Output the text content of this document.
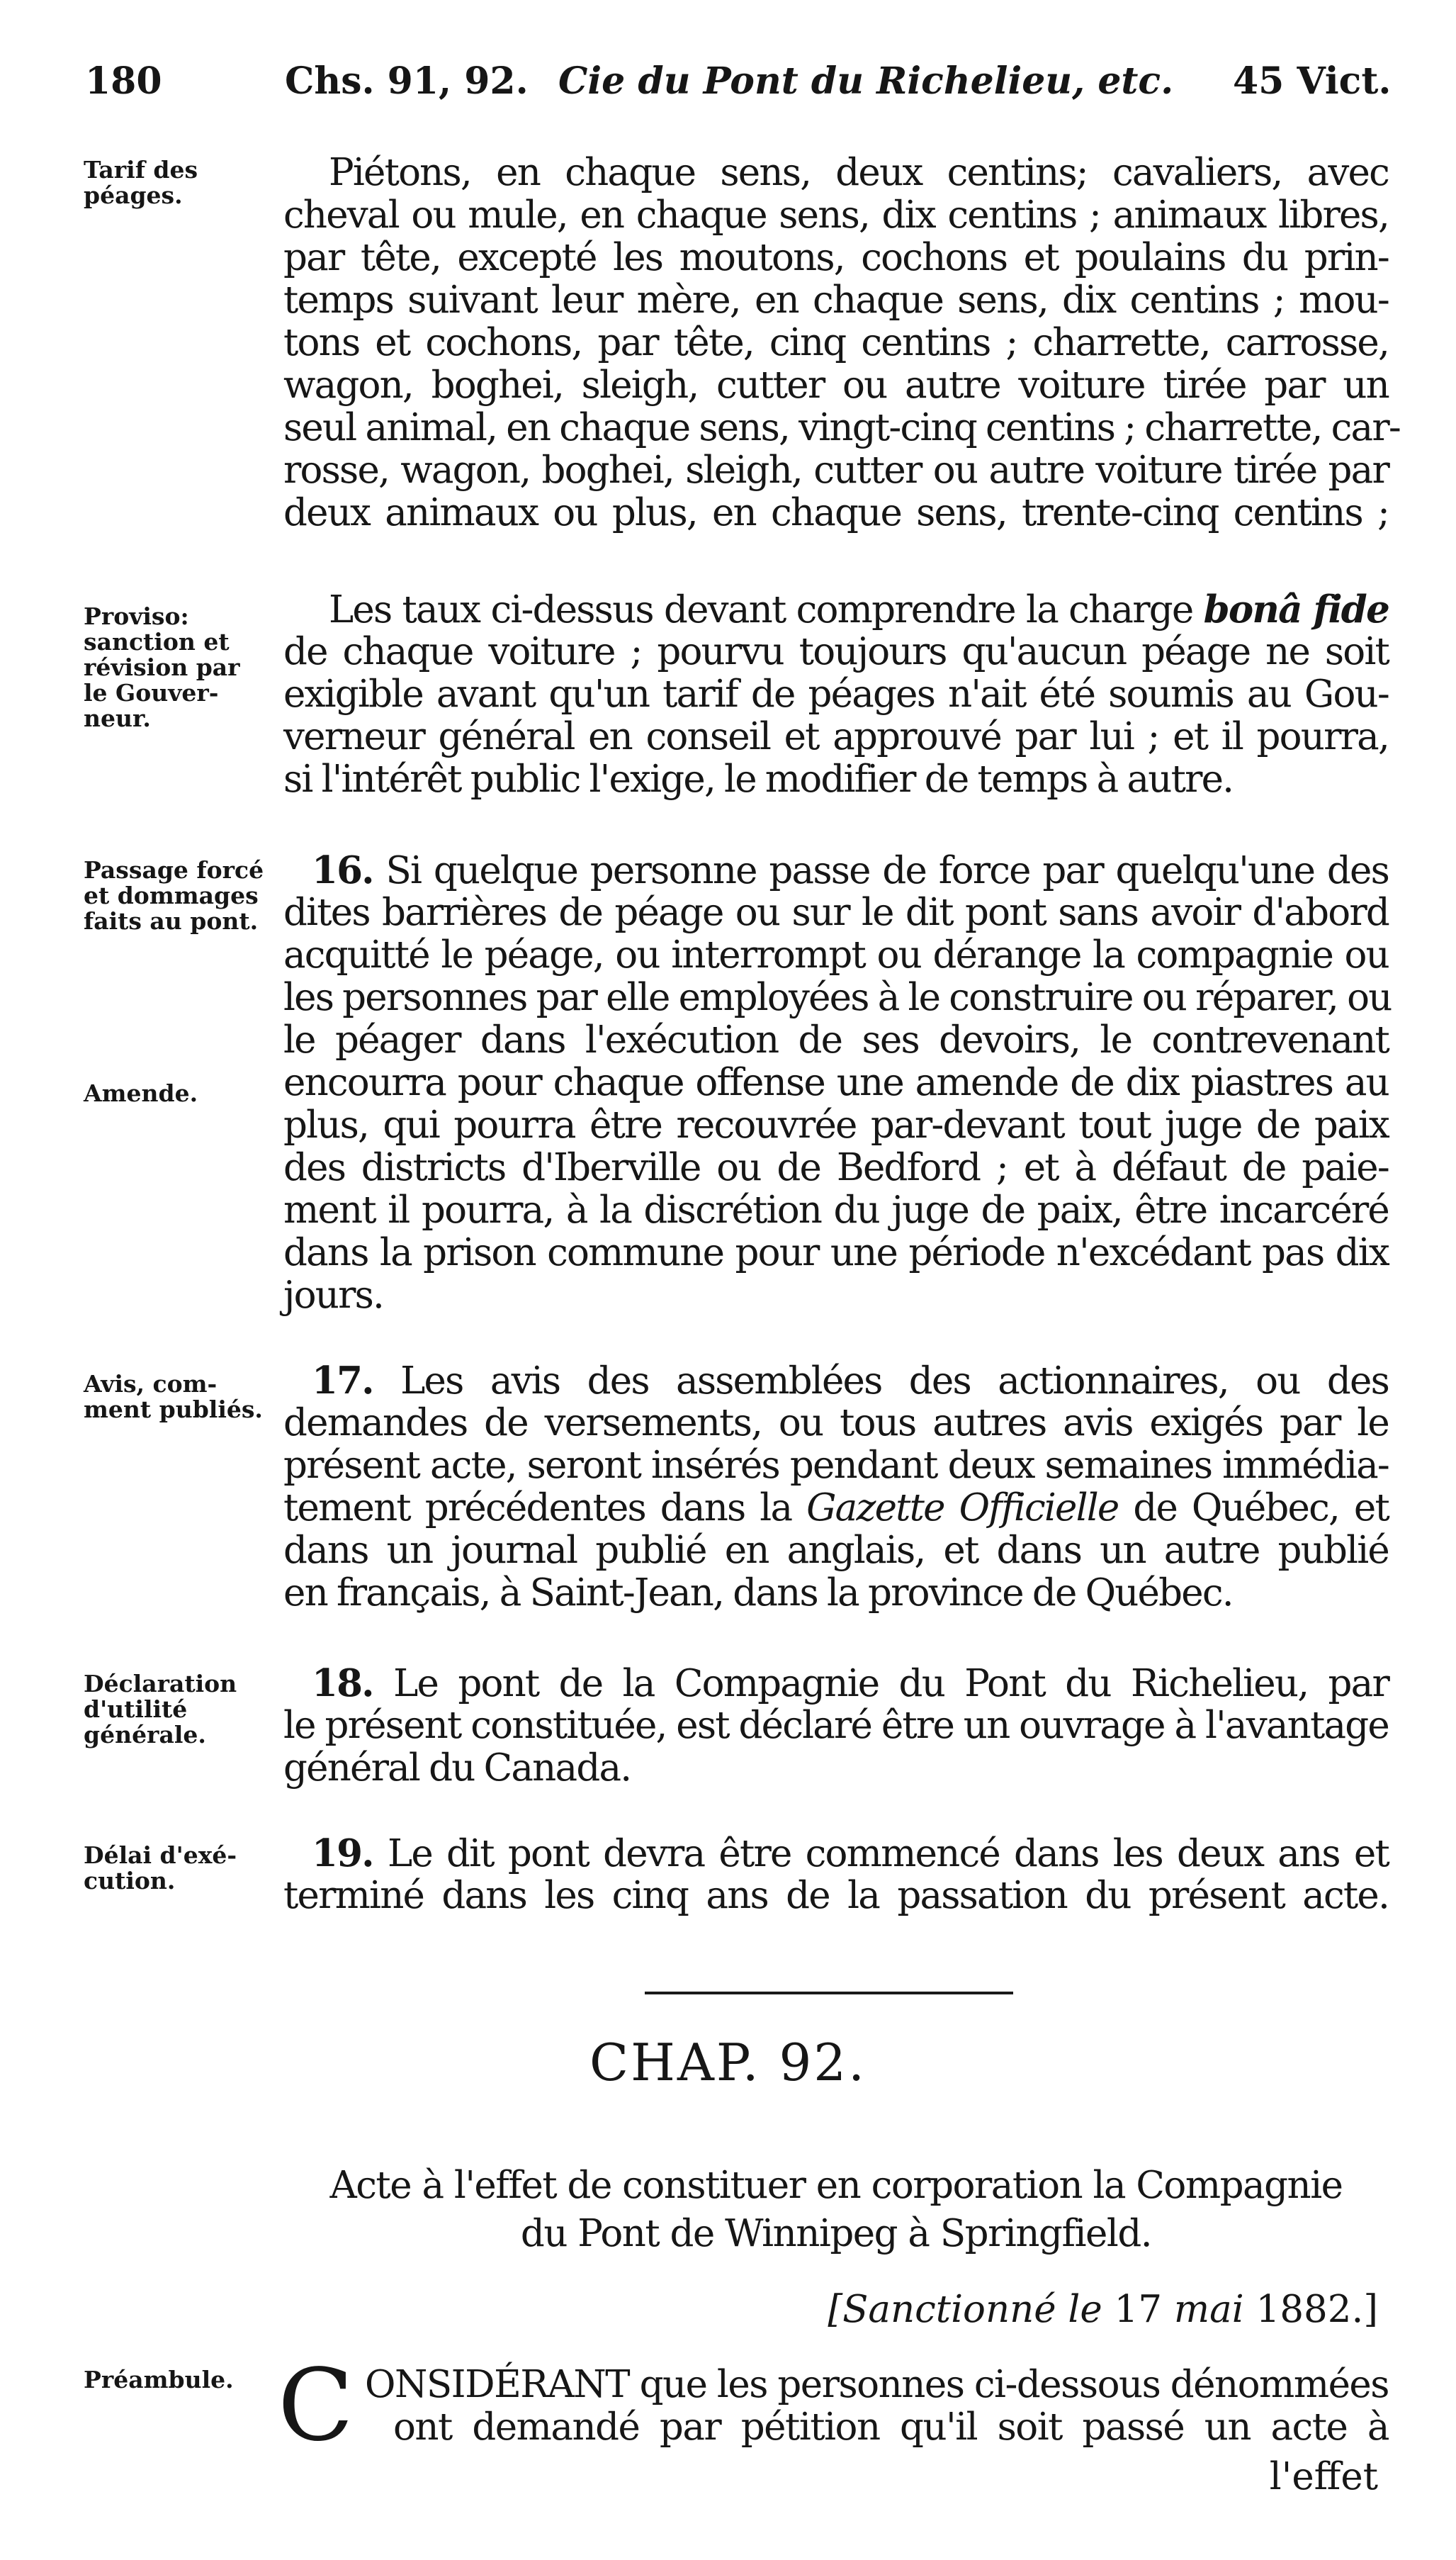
180	Chs. 91, 92. Cie du Pont du Richelieu, etc. 45 Vict.
Tarif des
péages.
Piétons, en chaque sens, deux centins; cavaliers, avec
cheval ou mule, en chaque sens, dix centins ; animaux libres,
par tête, excepté les moutons, cochons et poulains du prin-
temps suivant leur mère, en chaque sens, dix centins ; mou-
tons et cochons, par tête, cinq centins ; charrette, carrosse,
wagon, boghei, sleigh, cutter ou autre voiture tirée par un
seul animal, en chaque sens, vingt-cinq centins ; charrette, car-
rosse, wagon, boghei, sleigh, cutter ou autre voiture tirée par
deux animaux ou plus, en chaque sens, trente-cinq centins ;
Proviso:
sanction et
révision par
le Gouver-
neur.
Les taux ci-dessus devant comprendre la charge bonâ fide
de chaque voiture ; pourvu toujours qu'aucun péage ne soit
exigible avant qu'un tarif de péages n'ait été soumis au Gou-
verneur général en conseil et approuvé par lui ; et il pourra,
si l'intérêt public l'exige, le modifier de temps à autre.
Passage forcé
et dommages
faits au pont.
Amende.
16. Si quelque personne passe de force par quelqu'une des
dites barrières de péage ou sur le dit pont sans avoir d'abord
acquitté le péage, ou interrompt ou dérange la compagnie ou
les personnes par elle employées à le construire ou réparer, ou
le péager dans l'exécution de ses devoirs, le contrevenant
encourra pour chaque offense une amende de dix piastres au
plus, qui pourra être recouvrée par-devant tout juge de paix
des districts d'Iberville ou de Bedford ; et à défaut de paie-
ment il pourra, à la discrétion du juge de paix, être incarcéré
dans la prison commune pour une période n'excédant pas dix
jours.
Avis, com-
ment publiés.
17. Les avis des assemblées des actionnaires, ou des
demandes de versements, ou tous autres avis exigés par le
présent acte, seront insérés pendant deux semaines immédia-
tement précédentes dans la Gazette Officielle de Québec, et
dans un journal publié en anglais, et dans un autre publié
en français, à Saint-Jean, dans la province de Québec.
Déclaration
d'utilité
générale.
18. Le pont de la Compagnie du Pont du Richelieu, par
le présent constituée, est déclaré être un ouvrage à l'avantage
général du Canada.
Délai d'exé-
cution.
19. Le dit pont devra être commencé dans les deux ans et
terminé dans les cinq ans de la passation du présent acte.
CHAP. 92.
Acte à l'effet de constituer en corporation la Compagnie
du Pont de Winnipeg à Springfield.
[Sanctionné le 17 mai 1882.]
Préambule. C ONSIDÉRANT que les personnes ci-dessous dénommées
ont demandé par pétition qu'il soit passé un acte à
l'effet
